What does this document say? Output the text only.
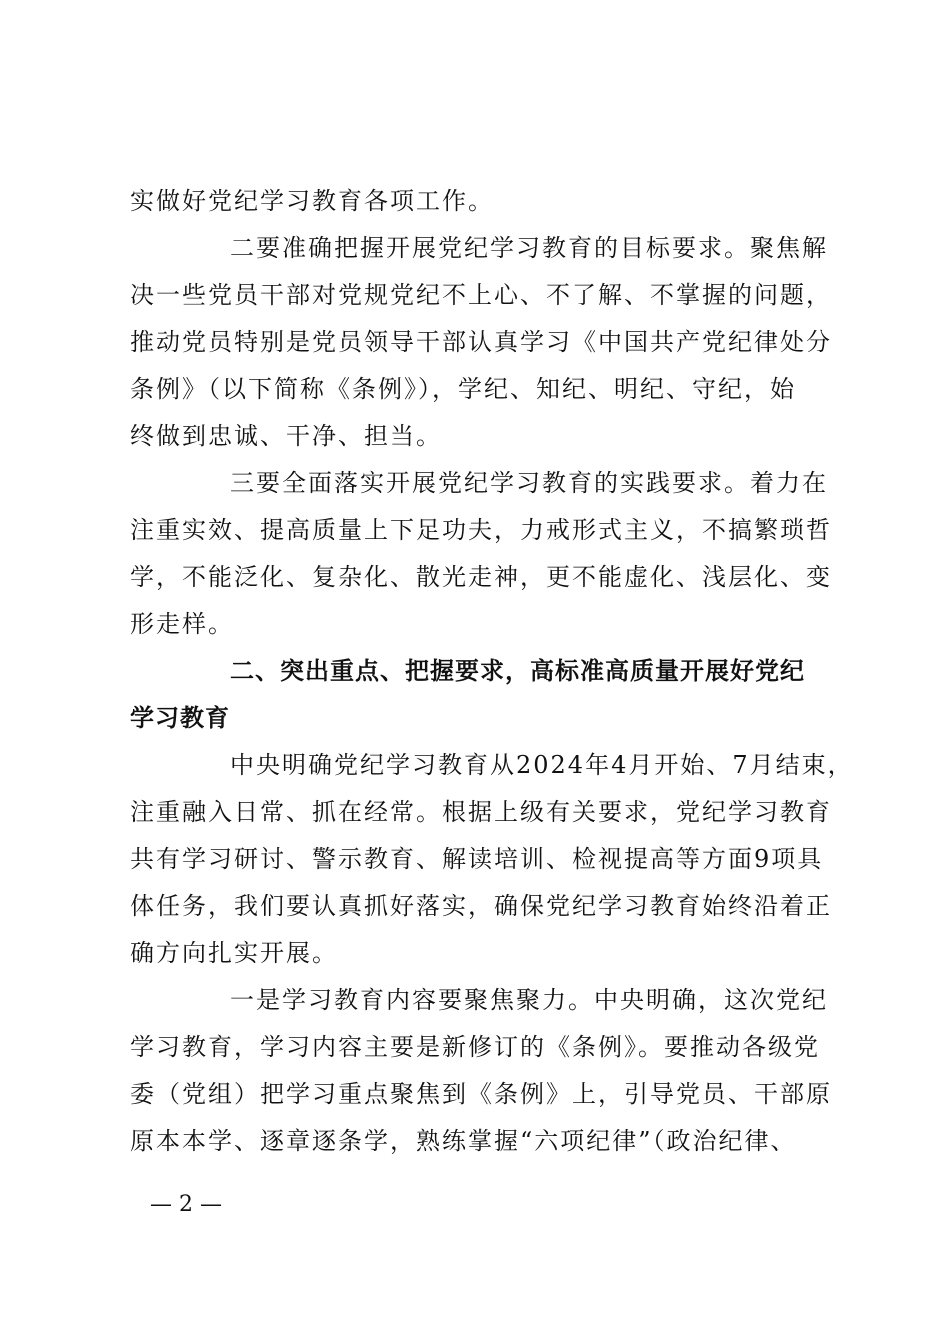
实做好党纪学习教育各项工作。
二要准确把握开展党纪学习教育的目标要求。聚焦解
决一些党员干部对党规党纪不上心、不了解、不掌握的问题，
推动党员特别是党员领导干部认真学习《中国共产党纪律处分
条例》（以下简称《条例》），学纪、知纪、明纪、守纪，始
终做到忠诚、干净、担当。
三要全面落实开展党纪学习教育的实践要求。着力在
注重实效、提高质量上下足功夫，力戒形式主义，不搞繁琐哲
学，不能泛化、复杂化、散光走神，更不能虚化、浅层化、变
形走样。
二、突出重点、把握要求，高标准高质量开展好党纪
学习教育
中央明确党纪学习教育从2024年4月开始、7月结束，
注重融入日常、抓在经常。根据上级有关要求，党纪学习教育
共有学习研讨、警示教育、解读培训、检视提高等方面9项具
体任务，我们要认真抓好落实，确保党纪学习教育始终沿着正
确方向扎实开展。
一是学习教育内容要聚焦聚力。中央明确，这次党纪
学习教育，学习内容主要是新修订的《条例》。要推动各级党
委（党组）把学习重点聚焦到《条例》上，引导党员、干部原
原本本学、逐章逐条学，熟练掌握“六项纪律”（政治纪律、
— 2 —
